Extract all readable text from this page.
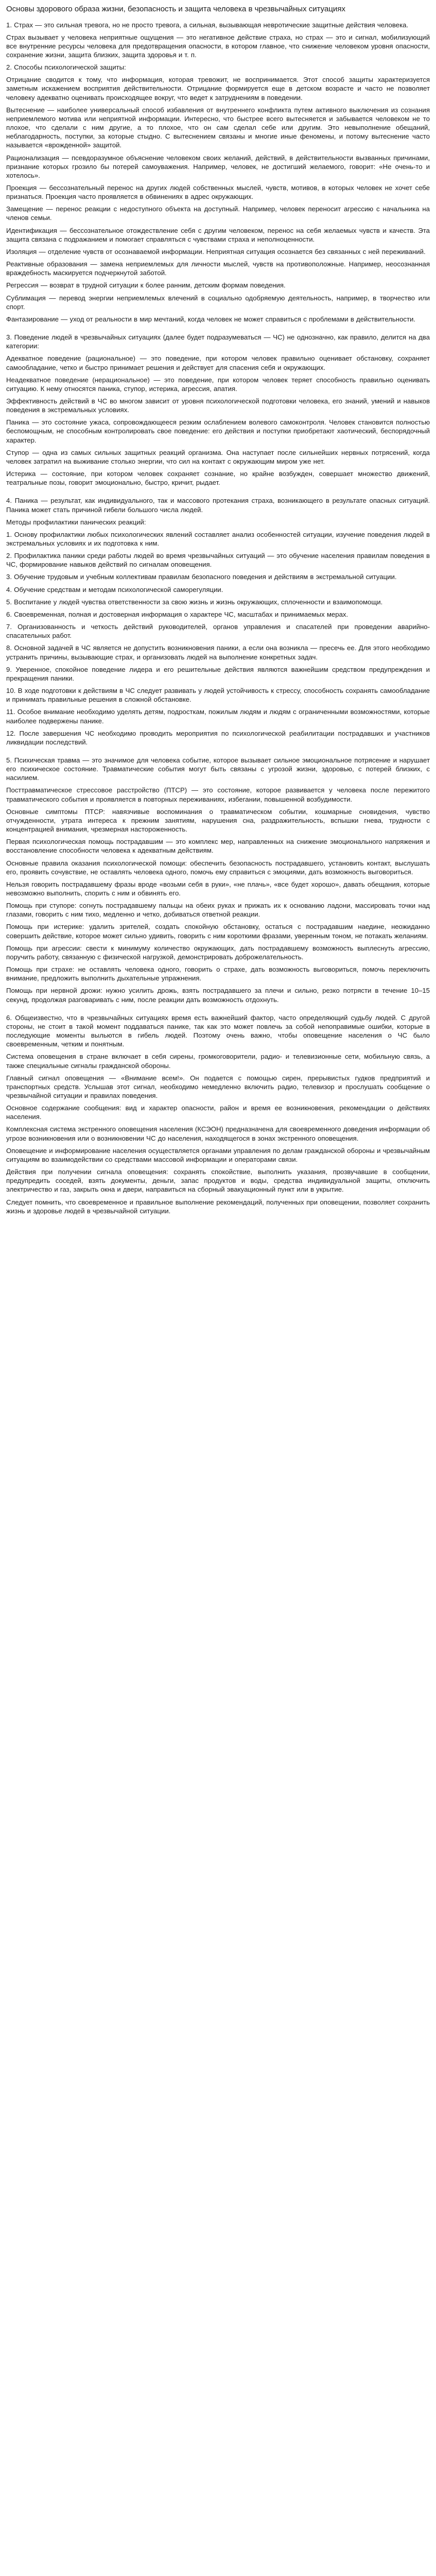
Основы здорового образа жизни, безопасность и защита человека в чрезвычайных ситуациях

1. Страх — это сильная тревога, но не просто тревога, а сильная, вызывающая невротические защитные действия человека.

Страх вызывает у человека неприятные ощущения — это негативное действие страха, но страх — это и сигнал, мобилизующий все внутренние ресурсы человека для предотвращения опасности, в котором главное, что снижение человеком уровня опасности, сохранение жизни, защита близких, защита здоровья и т. п.

2. Способы психологической защиты:

Отрицание сводится к тому, что информация, которая тревожит, не воспринимается. Этот способ защиты характеризуется заметным искажением восприятия действительности. Отрицание формируется еще в детском возрасте и часто не позволяет человеку адекватно оценивать происходящее вокруг, что ведет к затруднениям в поведении.

Вытеснение — наиболее универсальный способ избавления от внутреннего конфликта путем активного выключения из сознания неприемлемого мотива или неприятной информации. Интересно, что быстрее всего вытесняется и забывается человеком не то плохое, что сделали с ним другие, а то плохое, что он сам сделал себе или другим. Это невыполнение обещаний, неблагодарность, поступки, за которые стыдно. С вытеснением связаны и многие иные феномены, и потому вытеснение часто называется «врожденной» защитой.

Рационализация — псевдоразумное объяснение человеком своих желаний, действий, в действительности вызванных причинами, признание которых грозило бы потерей самоуважения. Например, человек, не достигший желаемого, говорит: «Не очень-то и хотелось».

Проекция — бессознательный перенос на других людей собственных мыслей, чувств, мотивов, в которых человек не хочет себе признаться. Проекция часто проявляется в обвинениях в адрес окружающих.

Замещение — перенос реакции с недоступного объекта на доступный. Например, человек переносит агрессию с начальника на членов семьи.

Идентификация — бессознательное отождествление себя с другим человеком, перенос на себя желаемых чувств и качеств. Эта защита связана с подражанием и помогает справляться с чувствами страха и неполноценности.

Изоляция — отделение чувств от осознаваемой информации. Неприятная ситуация осознается без связанных с ней переживаний.

Реактивные образования — замена неприемлемых для личности мыслей, чувств на противоположные. Например, неосознанная враждебность маскируется подчеркнутой заботой.

Регрессия — возврат в трудной ситуации к более ранним, детским формам поведения.

Сублимация — перевод энергии неприемлемых влечений в социально одобряемую деятельность, например, в творчество или спорт.

Фантазирование — уход от реальности в мир мечтаний, когда человек не может справиться с проблемами в действительности.

3. Поведение людей в чрезвычайных ситуациях (далее будет подразумеваться — ЧС) не однозначно, как правило, делится на два категории:

Адекватное поведение (рациональное) — это поведение, при котором человек правильно оценивает обстановку, сохраняет самообладание, четко и быстро принимает решения и действует для спасения себя и окружающих.

Неадекватное поведение (нерациональное) — это поведение, при котором человек теряет способность правильно оценивать ситуацию. К нему относятся паника, ступор, истерика, агрессия, апатия.

Эффективность действий в ЧС во многом зависит от уровня психологической подготовки человека, его знаний, умений и навыков поведения в экстремальных условиях.

Паника — это состояние ужаса, сопровождающееся резким ослаблением волевого самоконтроля. Человек становится полностью беспомощным, не способным контролировать свое поведение: его действия и поступки приобретают хаотический, беспорядочный характер.

Ступор — одна из самых сильных защитных реакций организма. Она наступает после сильнейших нервных потрясений, когда человек затратил на выживание столько энергии, что сил на контакт с окружающим миром уже нет.

Истерика — состояние, при котором человек сохраняет сознание, но крайне возбужден, совершает множество движений, театральные позы, говорит эмоционально, быстро, кричит, рыдает.

4. Паника — результат, как индивидуального, так и массового протекания страха, возникающего в результате опасных ситуаций. Паника может стать причиной гибели большого числа людей.

Методы профилактики панических реакций:

1. Основу профилактики любых психологических явлений составляет анализ особенностей ситуации, изучение поведения людей в экстремальных условиях и их подготовка к ним.

2. Профилактика паники среди работы людей во время чрезвычайных ситуаций — это обучение населения правилам поведения в ЧС, формирование навыков действий по сигналам оповещения.

3. Обучение трудовым и учебным коллективам правилам безопасного поведения и действиям в экстремальной ситуации.

4. Обучение средствам и методам психологической саморегуляции.

5. Воспитание у людей чувства ответственности за свою жизнь и жизнь окружающих, сплоченности и взаимопомощи.

6. Своевременная, полная и достоверная информация о характере ЧС, масштабах и принимаемых мерах.

7. Организованность и четкость действий руководителей, органов управления и спасателей при проведении аварийно-спасательных работ.

8. Основной задачей в ЧС является не допустить возникновения паники, а если она возникла — пресечь ее. Для этого необходимо устранить причины, вызывающие страх, и организовать людей на выполнение конкретных задач.

9. Уверенное, спокойное поведение лидера и его решительные действия являются важнейшим средством предупреждения и прекращения паники.

10. В ходе подготовки к действиям в ЧС следует развивать у людей устойчивость к стрессу, способность сохранять самообладание и принимать правильные решения в сложной обстановке.

11. Особое внимание необходимо уделять детям, подросткам, пожилым людям и людям с ограниченными возможностями, которые наиболее подвержены панике.

12. После завершения ЧС необходимо проводить мероприятия по психологической реабилитации пострадавших и участников ликвидации последствий.

5. Психическая травма — это значимое для человека событие, которое вызывает сильное эмоциональное потрясение и нарушает его психическое состояние. Травматические события могут быть связаны с угрозой жизни, здоровью, с потерей близких, с насилием.

Посттравматическое стрессовое расстройство (ПТСР) — это состояние, которое развивается у человека после пережитого травматического события и проявляется в повторных переживаниях, избегании, повышенной возбудимости.

Основные симптомы ПТСР: навязчивые воспоминания о травматическом событии, кошмарные сновидения, чувство отчужденности, утрата интереса к прежним занятиям, нарушения сна, раздражительность, вспышки гнева, трудности с концентрацией внимания, чрезмерная настороженность.

Первая психологическая помощь пострадавшим — это комплекс мер, направленных на снижение эмоционального напряжения и восстановление способности человека к адекватным действиям.

Основные правила оказания психологической помощи: обеспечить безопасность пострадавшего, установить контакт, выслушать его, проявить сочувствие, не оставлять человека одного, помочь ему справиться с эмоциями, дать возможность выговориться.

Нельзя говорить пострадавшему фразы вроде «возьми себя в руки», «не плачь», «все будет хорошо», давать обещания, которые невозможно выполнить, спорить с ним и обвинять его.

Помощь при ступоре: согнуть пострадавшему пальцы на обеих руках и прижать их к основанию ладони, массировать точки над глазами, говорить с ним тихо, медленно и четко, добиваться ответной реакции.

Помощь при истерике: удалить зрителей, создать спокойную обстановку, остаться с пострадавшим наедине, неожиданно совершить действие, которое может сильно удивить, говорить с ним короткими фразами, уверенным тоном, не потакать желаниям.

Помощь при агрессии: свести к минимуму количество окружающих, дать пострадавшему возможность выплеснуть агрессию, поручить работу, связанную с физической нагрузкой, демонстрировать доброжелательность.

Помощь при страхе: не оставлять человека одного, говорить о страхе, дать возможность выговориться, помочь переключить внимание, предложить выполнить дыхательные упражнения.

Помощь при нервной дрожи: нужно усилить дрожь, взять пострадавшего за плечи и сильно, резко потрясти в течение 10–15 секунд, продолжая разговаривать с ним, после реакции дать возможность отдохнуть.

6. Общеизвестно, что в чрезвычайных ситуациях время есть важнейший фактор, часто определяющий судьбу людей. С другой стороны, не стоит в такой момент поддаваться панике, так как это может повлечь за собой непоправимые ошибки, которые в последующие моменты выльются в гибель людей. Поэтому очень важно, чтобы оповещение населения о ЧС было своевременным, четким и понятным.

Система оповещения в стране включает в себя сирены, громкоговорители, радио- и телевизионные сети, мобильную связь, а также специальные сигналы гражданской обороны.

Главный сигнал оповещения — «Внимание всем!». Он подается с помощью сирен, прерывистых гудков предприятий и транспортных средств. Услышав этот сигнал, необходимо немедленно включить радио, телевизор и прослушать сообщение о чрезвычайной ситуации и правилах поведения.

Основное содержание сообщения: вид и характер опасности, район и время ее возникновения, рекомендации о действиях населения.

Комплексная система экстренного оповещения населения (КСЭОН) предназначена для своевременного доведения информации об угрозе возникновения или о возникновении ЧС до населения, находящегося в зонах экстренного оповещения.

Оповещение и информирование населения осуществляется органами управления по делам гражданской обороны и чрезвычайным ситуациям во взаимодействии со средствами массовой информации и операторами связи.

Действия при получении сигнала оповещения: сохранять спокойствие, выполнить указания, прозвучавшие в сообщении, предупредить соседей, взять документы, деньги, запас продуктов и воды, средства индивидуальной защиты, отключить электричество и газ, закрыть окна и двери, направиться на сборный эвакуационный пункт или в укрытие.

Следует помнить, что своевременное и правильное выполнение рекомендаций, полученных при оповещении, позволяет сохранить жизнь и здоровье людей в чрезвычайной ситуации.
